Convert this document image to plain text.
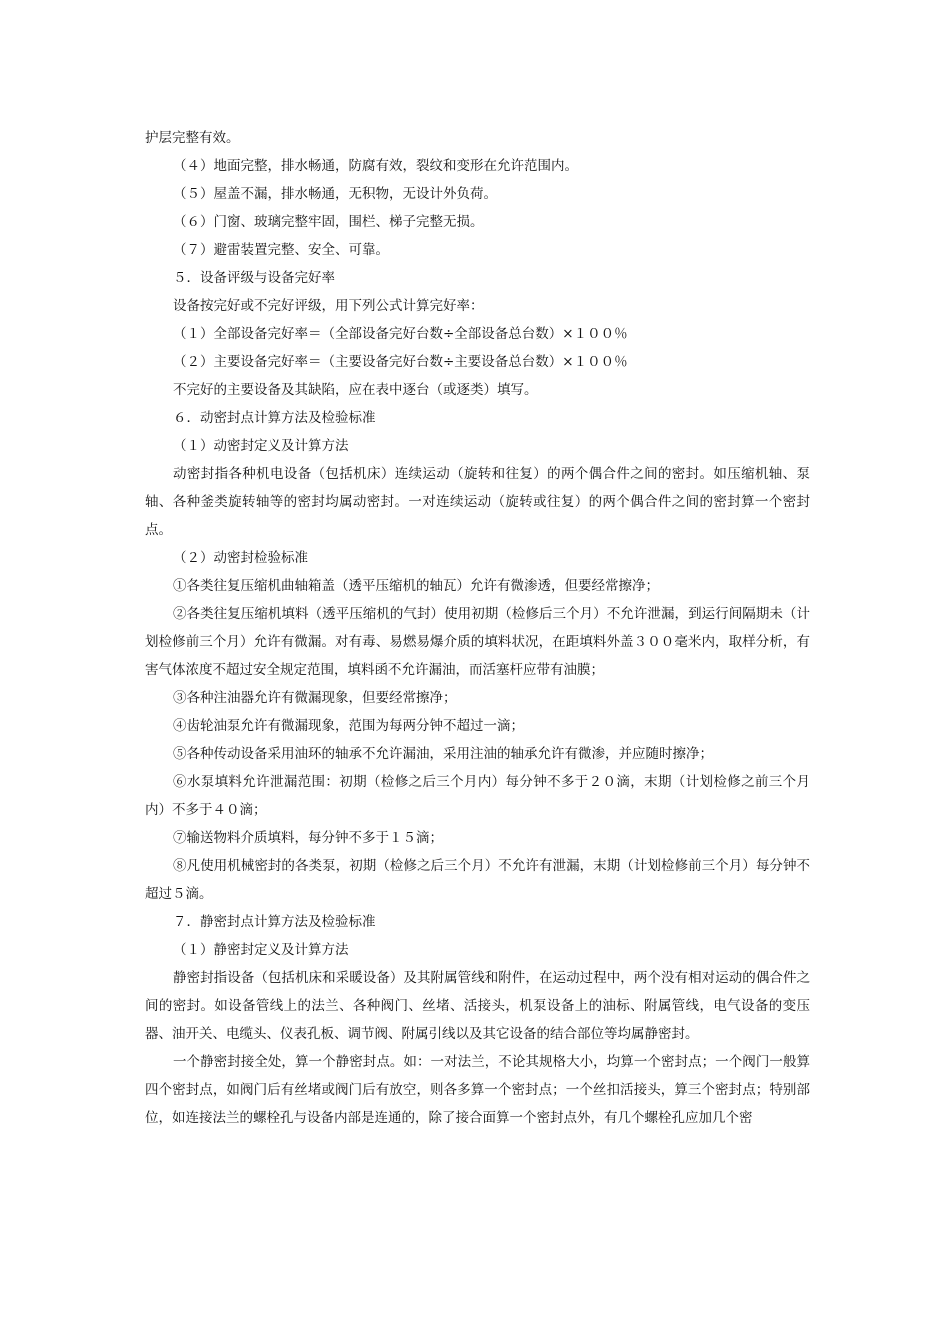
护层完整有效。

（４）地面完整，排水畅通，防腐有效，裂纹和变形在允许范围内。

（５）屋盖不漏，排水畅通，无积物，无设计外负荷。

（６）门窗、玻璃完整牢固，围栏、梯子完整无损。

（７）避雷装置完整、安全、可靠。

５．设备评级与设备完好率

设备按完好或不完好评级，用下列公式计算完好率：

（１）全部设备完好率＝（全部设备完好台数÷全部设备总台数）×１００％

（２）主要设备完好率＝（主要设备完好台数÷主要设备总台数）×１００％

不完好的主要设备及其缺陷，应在表中逐台（或逐类）填写。

６．动密封点计算方法及检验标准

（１）动密封定义及计算方法

动密封指各种机电设备（包括机床）连续运动（旋转和往复）的两个偶合件之间的密封。如压缩机轴、泵轴、各种釜类旋转轴等的密封均属动密封。一对连续运动（旋转或往复）的两个偶合件之间的密封算一个密封点。

（２）动密封检验标准

①各类往复压缩机曲轴箱盖（透平压缩机的轴瓦）允许有微渗透，但要经常擦净；

②各类往复压缩机填料（透平压缩机的气封）使用初期（检修后三个月）不允许泄漏，到运行间隔期未（计划检修前三个月）允许有微漏。对有毒、易燃易爆介质的填料状况，在距填料外盖３００毫米内，取样分析，有害气体浓度不超过安全规定范围，填料函不允许漏油，而活塞杆应带有油膜；

③各种注油器允许有微漏现象，但要经常擦净；

④齿轮油泵允许有微漏现象，范围为每两分钟不超过一滴；

⑤各种传动设备采用油环的轴承不允许漏油，采用注油的轴承允许有微渗，并应随时擦净；

⑥水泵填料允许泄漏范围：初期（检修之后三个月内）每分钟不多于２０滴，末期（计划检修之前三个月内）不多于４０滴；

⑦输送物料介质填料，每分钟不多于１５滴；

⑧凡使用机械密封的各类泵，初期（检修之后三个月）不允许有泄漏，末期（计划检修前三个月）每分钟不超过５滴。

７．静密封点计算方法及检验标准

（１）静密封定义及计算方法

静密封指设备（包括机床和采暖设备）及其附属管线和附件，在运动过程中，两个没有相对运动的偶合件之间的密封。如设备管线上的法兰、各种阀门、丝堵、活接头，机泵设备上的油标、附属管线，电气设备的变压器、油开关、电缆头、仪表孔板、调节阀、附属引线以及其它设备的结合部位等均属静密封。

一个静密封接全处，算一个静密封点。如：一对法兰，不论其规格大小，均算一个密封点；一个阀门一般算四个密封点，如阀门后有丝堵或阀门后有放空，则各多算一个密封点；一个丝扣活接头，算三个密封点；特别部位，如连接法兰的螺栓孔与设备内部是连通的，除了接合面算一个密封点外，有几个螺栓孔应加几个密
